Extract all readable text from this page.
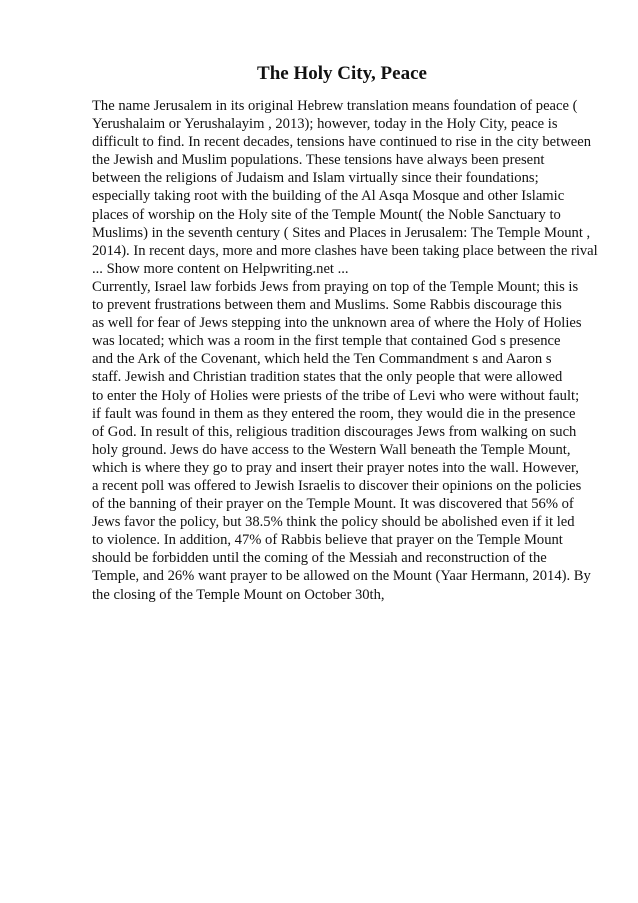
The Holy City, Peace
The name Jerusalem in its original Hebrew translation means foundation of peace (
Yerushalaim or Yerushalayim , 2013); however, today in the Holy City, peace is
difficult to find. In recent decades, tensions have continued to rise in the city between
the Jewish and Muslim populations. These tensions have always been present
between the religions of Judaism and Islam virtually since their foundations;
especially taking root with the building of the Al Asqa Mosque and other Islamic
places of worship on the Holy site of the Temple Mount( the Noble Sanctuary to
Muslims) in the seventh century ( Sites and Places in Jerusalem: The Temple Mount ,
2014). In recent days, more and more clashes have been taking place between the rival
... Show more content on Helpwriting.net ...
Currently, Israel law forbids Jews from praying on top of the Temple Mount; this is
to prevent frustrations between them and Muslims. Some Rabbis discourage this
as well for fear of Jews stepping into the unknown area of where the Holy of Holies
was located; which was a room in the first temple that contained God s presence
and the Ark of the Covenant, which held the Ten Commandment s and Aaron s
staff. Jewish and Christian tradition states that the only people that were allowed
to enter the Holy of Holies were priests of the tribe of Levi who were without fault;
if fault was found in them as they entered the room, they would die in the presence
of God. In result of this, religious tradition discourages Jews from walking on such
holy ground. Jews do have access to the Western Wall beneath the Temple Mount,
which is where they go to pray and insert their prayer notes into the wall. However,
a recent poll was offered to Jewish Israelis to discover their opinions on the policies
of the banning of their prayer on the Temple Mount. It was discovered that 56% of
Jews favor the policy, but 38.5% think the policy should be abolished even if it led
to violence. In addition, 47% of Rabbis believe that prayer on the Temple Mount
should be forbidden until the coming of the Messiah and reconstruction of the
Temple, and 26% want prayer to be allowed on the Mount (Yaar Hermann, 2014). By
the closing of the Temple Mount on October 30th,
